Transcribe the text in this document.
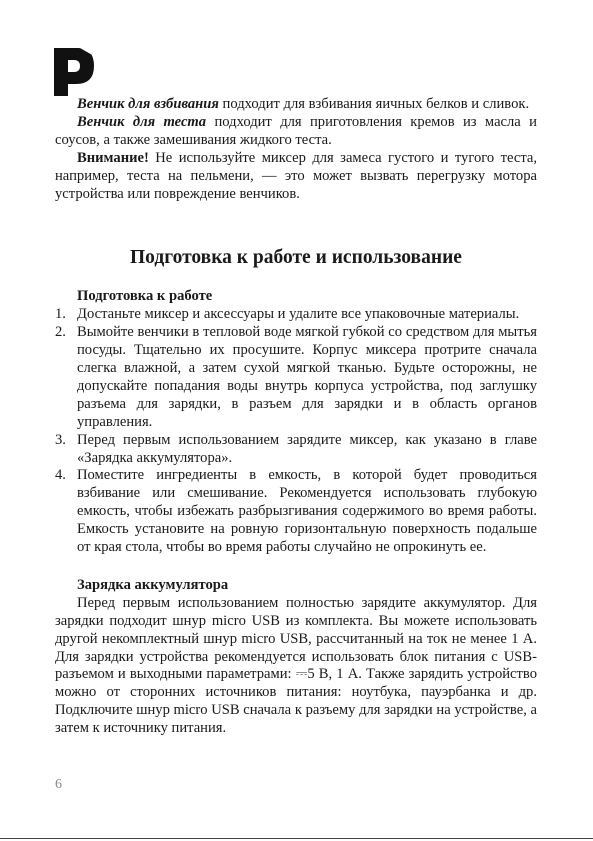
Венчик для взбивания подходит для взбивания яичных белков и сливок.

Венчик для теста подходит для приготовления кремов из масла и соусов, а также замешивания жидкого теста.

Внимание! Не используйте миксер для замеса густого и тугого теста, например, теста на пельмени, — это может вызвать перегрузку мотора устройства или повреждение венчиков.

Подготовка к работе и использование
Подготовка к работе
1. Достаньте миксер и аксессуары и удалите все упаковочные материалы.
2. Вымойте венчики в тепловой воде мягкой губкой со средством для мытья посуды. Тщательно их просушите. Корпус миксера протрите сначала слегка влажной, а затем сухой мягкой тканью. Будьте осторожны, не допускайте попадания воды внутрь корпуса устройства, под заглушку разъема для зарядки, в разъем для зарядки и в область органов управления.
3. Перед первым использованием зарядите миксер, как указано в главе «Зарядка аккумулятора».
4. Поместите ингредиенты в емкость, в которой будет проводиться взбивание или смешивание. Рекомендуется использовать глубокую емкость, чтобы избежать разбрызгивания содержимого во время работы. Емкость установите на ровную горизонтальную поверхность подальше от края стола, чтобы во время работы случайно не опрокинуть ее.
Зарядка аккумулятора

Перед первым использованием полностью зарядите аккумулятор. Для зарядки подходит шнур micro USB из комплекта. Вы можете использовать другой некомплектный шнур micro USB, рассчитанный на ток не менее 1 А. Для зарядки устройства рекомендуется использовать блок питания с USB-разъемом и выходными параметрами: ⎓5 В, 1 А. Также зарядить устройство можно от сторонних источников питания: ноутбука, пауэрбанка и др. Подключите шнур micro USB сначала к разъему для зарядки на устройстве, а затем к источнику питания.

6
